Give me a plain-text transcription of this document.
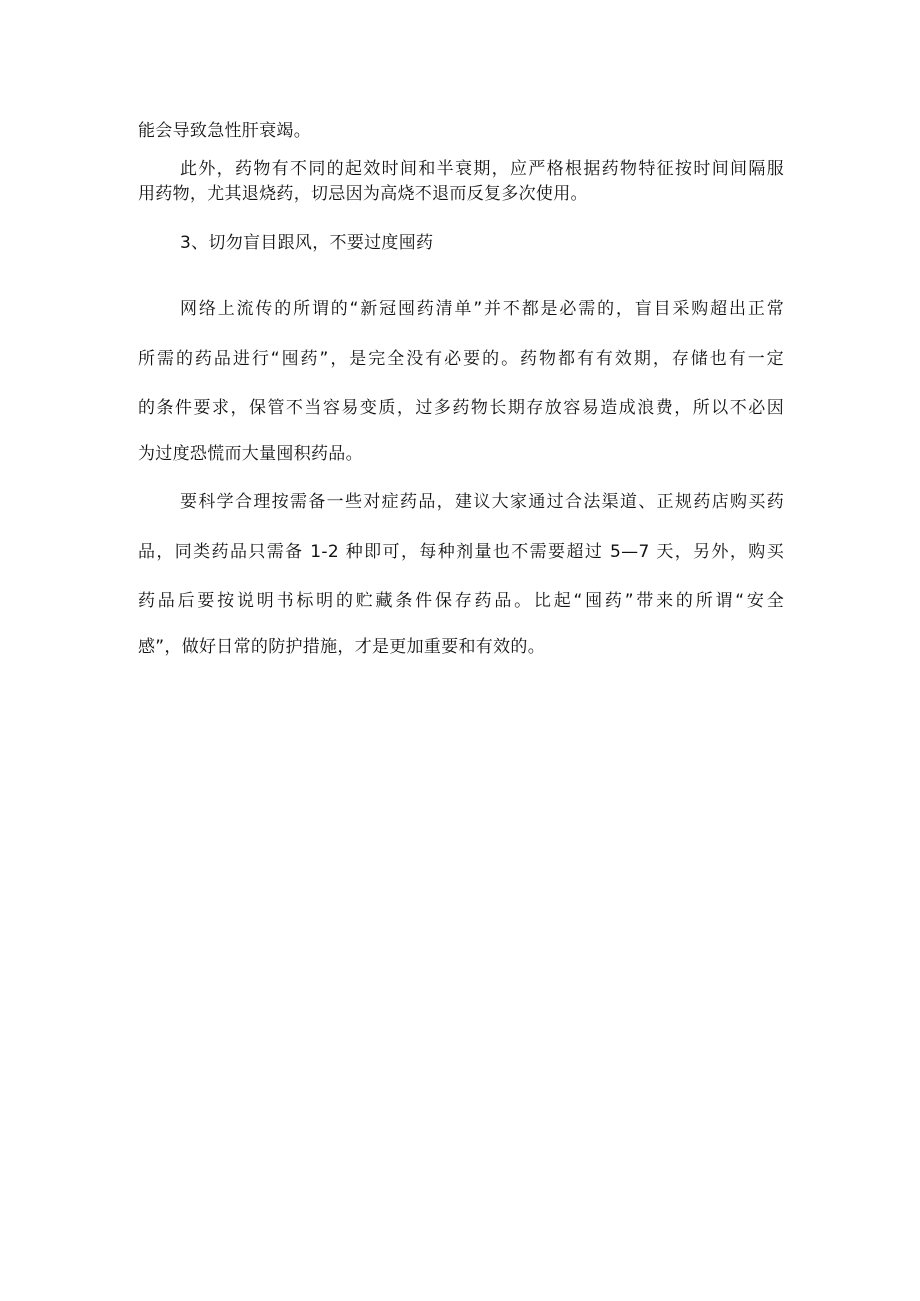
能会导致急性肝衰竭。
此外，药物有不同的起效时间和半衰期，应严格根据药物特征按时间间隔服
用药物，尤其退烧药，切忌因为高烧不退而反复多次使用。
3、切勿盲目跟风，不要过度囤药
网络上流传的所谓的“新冠囤药清单”并不都是必需的，盲目采购超出正常
所需的药品进行“囤药”，是完全没有必要的。药物都有有效期，存储也有一定
的条件要求，保管不当容易变质，过多药物长期存放容易造成浪费，所以不必因
为过度恐慌而大量囤积药品。
要科学合理按需备一些对症药品，建议大家通过合法渠道、正规药店购买药
品，同类药品只需备 1-2 种即可，每种剂量也不需要超过 5—7 天，另外，购买
药品后要按说明书标明的贮藏条件保存药品。比起“囤药”带来的所谓“安全
感”，做好日常的防护措施，才是更加重要和有效的。
